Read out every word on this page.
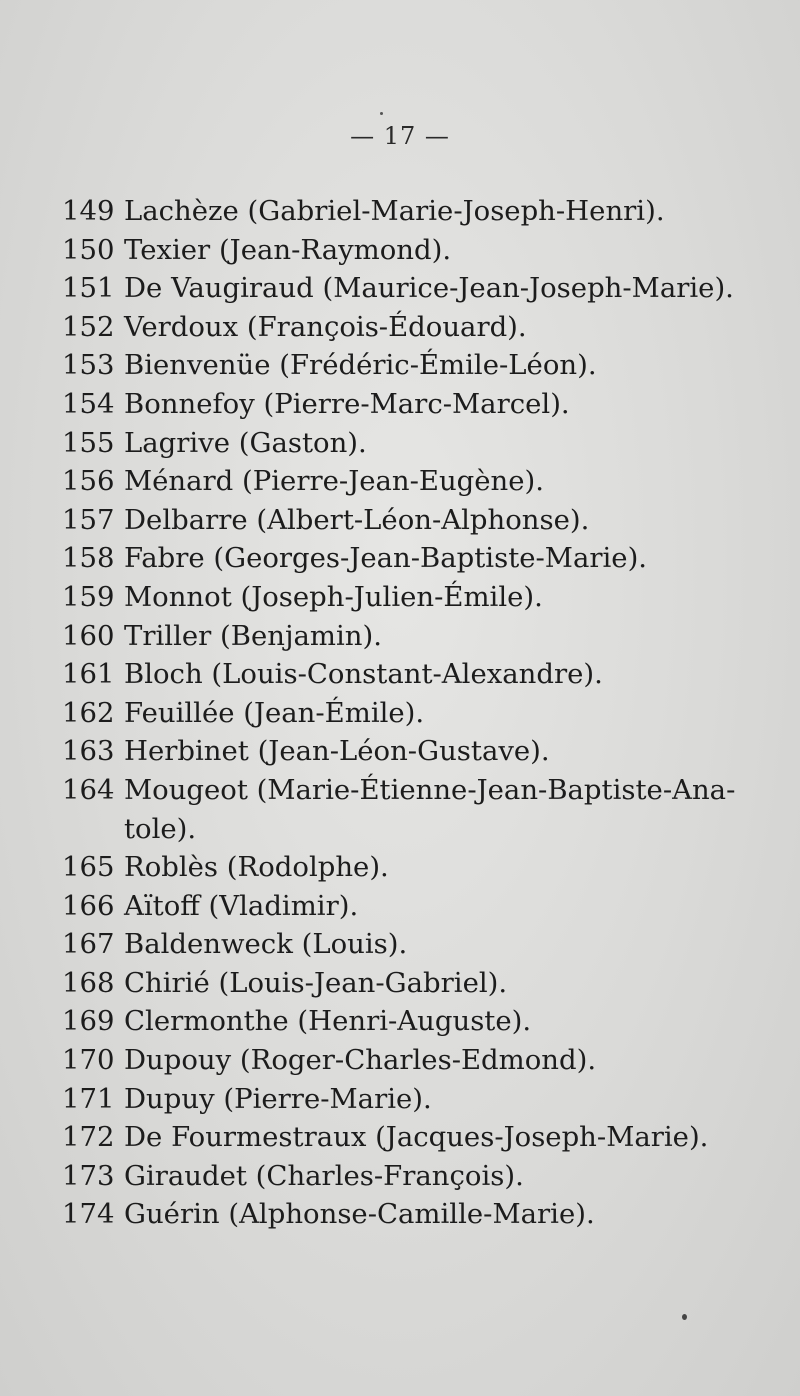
— 17 —
149 Lachèze (Gabriel-Marie-Joseph-Henri).
150 Texier (Jean-Raymond).
151 De Vaugiraud (Maurice-Jean-Joseph-Marie).
152 Verdoux (François-Édouard).
153 Bienvenüe (Frédéric-Émile-Léon).
154 Bonnefoy (Pierre-Marc-Marcel).
155 Lagrive (Gaston).
156 Ménard (Pierre-Jean-Eugène).
157 Delbarre (Albert-Léon-Alphonse).
158 Fabre (Georges-Jean-Baptiste-Marie).
159 Monnot (Joseph-Julien-Émile).
160 Triller (Benjamin).
161 Bloch (Louis-Constant-Alexandre).
162 Feuillée (Jean-Émile).
163 Herbinet (Jean-Léon-Gustave).
164 Mougeot (Marie-Étienne-Jean-Baptiste-Ana-
tole).
165 Roblès (Rodolphe).
166 Aïtoff (Vladimir).
167 Baldenweck (Louis).
168 Chirié (Louis-Jean-Gabriel).
169 Clermonthe (Henri-Auguste).
170 Dupouy (Roger-Charles-Edmond).
171 Dupuy (Pierre-Marie).
172 De Fourmestraux (Jacques-Joseph-Marie).
173 Giraudet (Charles-François).
174 Guérin (Alphonse-Camille-Marie).
